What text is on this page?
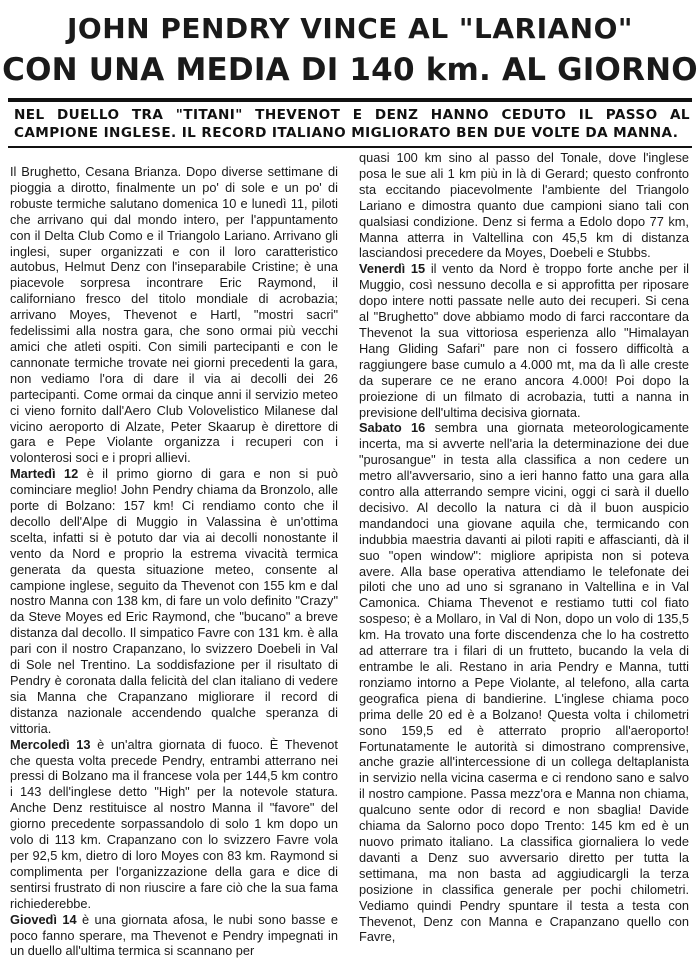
JOHN PENDRY VINCE AL "LARIANO"
CON UNA MEDIA DI 140 km. AL GIORNO
NEL DUELLO TRA "TITANI" THEVENOT E DENZ HANNO CEDUTO IL PASSO AL CAMPIONE INGLESE. IL RECORD ITALIANO MIGLIORATO BEN DUE VOLTE DA MANNA.

Il Brughetto, Cesana Brianza. Dopo diverse settimane di pioggia a dirotto, finalmente un po' di sole e un po' di robuste termiche salutano domenica 10 e lunedì 11, piloti che arrivano qui dal mondo intero, per l'appuntamento con il Delta Club Como e il Triangolo Lariano. Arrivano gli inglesi, super organizzati e con il loro caratteristico autobus, Helmut Denz con l'inseparabile Cristine; è una piacevole sorpresa incontrare Eric Raymond, il californiano fresco del titolo mondiale di acrobazia; arrivano Moyes, Thevenot e Hartl, "mostri sacri" fedelissimi alla nostra gara, che sono ormai più vecchi amici che atleti ospiti. Con simili partecipanti e con le cannonate termiche trovate nei giorni precedenti la gara, non vediamo l'ora di dare il via ai decolli dei 26 partecipanti. Come ormai da cinque anni il servizio meteo ci vieno fornito dall'Aero Club Volovelistico Milanese dal vicino aeroporto di Alzate, Peter Skaarup è direttore di gara e Pepe Violante organizza i recuperi con i volonterosi soci e i propri allievi.

Martedì 12 è il primo giorno di gara e non si può cominciare meglio! John Pendry chiama da Bronzolo, alle porte di Bolzano: 157 km! Ci rendiamo conto che il decollo dell'Alpe di Muggio in Valassina è un'ottima scelta, infatti si è potuto dar via ai decolli nonostante il vento da Nord e proprio la estrema vivacità termica generata da questa situazione meteo, consente al campione inglese, seguito da Thevenot con 155 km e dal nostro Manna con 138 km, di fare un volo definito "Crazy" da Steve Moyes ed Eric Raymond, che "bucano" a breve distanza dal decollo. Il simpatico Favre con 131 km. è alla pari con il nostro Crapanzano, lo svizzero Doebeli in Val di Sole nel Trentino. La soddisfazione per il risultato di Pendry è coronata dalla felicità del clan italiano di vedere sia Manna che Crapanzano migliorare il record di distanza nazionale accendendo qualche speranza di vittoria.

Mercoledì 13 è un'altra giornata di fuoco. È Thevenot che questa volta precede Pendry, entrambi atterrano nei pressi di Bolzano ma il francese vola per 144,5 km contro i 143 dell'inglese detto "High" per la notevole statura. Anche Denz restituisce al nostro Manna il "favore" del giorno precedente sorpassandolo di solo 1 km dopo un volo di 113 km. Crapanzano con lo svizzero Favre vola per 92,5 km, dietro di loro Moyes con 83 km. Raymond si complimenta per l'organizzazione della gara e dice di sentirsi frustrato di non riuscire a fare ciò che la sua fama richiederebbe.

Giovedì 14 è una giornata afosa, le nubi sono basse e poco fanno sperare, ma Thevenot e Pendry impegnati in un duello all'ultima termica si scannano per

quasi 100 km sino al passo del Tonale, dove l'inglese posa le sue ali 1 km più in là di Gerard; questo confronto sta eccitando piacevolmente l'ambiente del Triangolo Lariano e dimostra quanto due campioni siano tali con qualsiasi condizione. Denz si ferma a Edolo dopo 77 km, Manna atterra in Valtellina con 45,5 km di distanza lasciandosi precedere da Moyes, Doebeli e Stubbs.

Venerdì 15 il vento da Nord è troppo forte anche per il Muggio, così nessuno decolla e si approfitta per riposare dopo intere notti passate nelle auto dei recuperi. Si cena al "Brughetto" dove abbiamo modo di farci raccontare da Thevenot la sua vittoriosa esperienza allo "Himalayan Hang Gliding Safari" pare non ci fossero difficoltà a raggiungere base cumulo a 4.000 mt, ma da lì alle creste da superare ce ne erano ancora 4.000! Poi dopo la proiezione di un filmato di acrobazia, tutti a nanna in previsione dell'ultima decisiva giornata.

Sabato 16 sembra una giornata meteorologicamente incerta, ma si avverte nell'aria la determinazione dei due "purosangue" in testa alla classifica a non cedere un metro all'avversario, sino a ieri hanno fatto una gara alla contro alla atterrando sempre vicini, oggi ci sarà il duello decisivo. Al decollo la natura ci dà il buon auspicio mandandoci una giovane aquila che, termicando con indubbia maestria davanti ai piloti rapiti e affascianti, dà il suo "open window": migliore apripista non si poteva avere. Alla base operativa attendiamo le telefonate dei piloti che uno ad uno si sgranano in Valtellina e in Val Camonica. Chiama Thevenot e restiamo tutti col fiato sospeso; è a Mollaro, in Val di Non, dopo un volo di 135,5 km. Ha trovato una forte discendenza che lo ha costretto ad atterrare tra i filari di un frutteto, bucando la vela di entrambe le ali. Restano in aria Pendry e Manna, tutti ronziamo intorno a Pepe Violante, al telefono, alla carta geografica piena di bandierine. L'inglese chiama poco prima delle 20 ed è a Bolzano! Questa volta i chilometri sono 159,5 ed è atterrato proprio all'aeroporto! Fortunatamente le autorità si dimostrano comprensive, anche grazie all'intercessione di un collega deltaplanista in servizio nella vicina caserma e ci rendono sano e salvo il nostro campione. Passa mezz'ora e Manna non chiama, qualcuno sente odor di record e non sbaglia! Davide chiama da Salorno poco dopo Trento: 145 km ed è un nuovo primato italiano. La classifica giornaliera lo vede davanti a Denz suo avversario diretto per tutta la settimana, ma non basta ad aggiudicargli la terza posizione in classifica generale per pochi chilometri. Vediamo quindi Pendry spuntare il testa a testa con Thevenot, Denz con Manna e Crapanzano quello con Favre,
